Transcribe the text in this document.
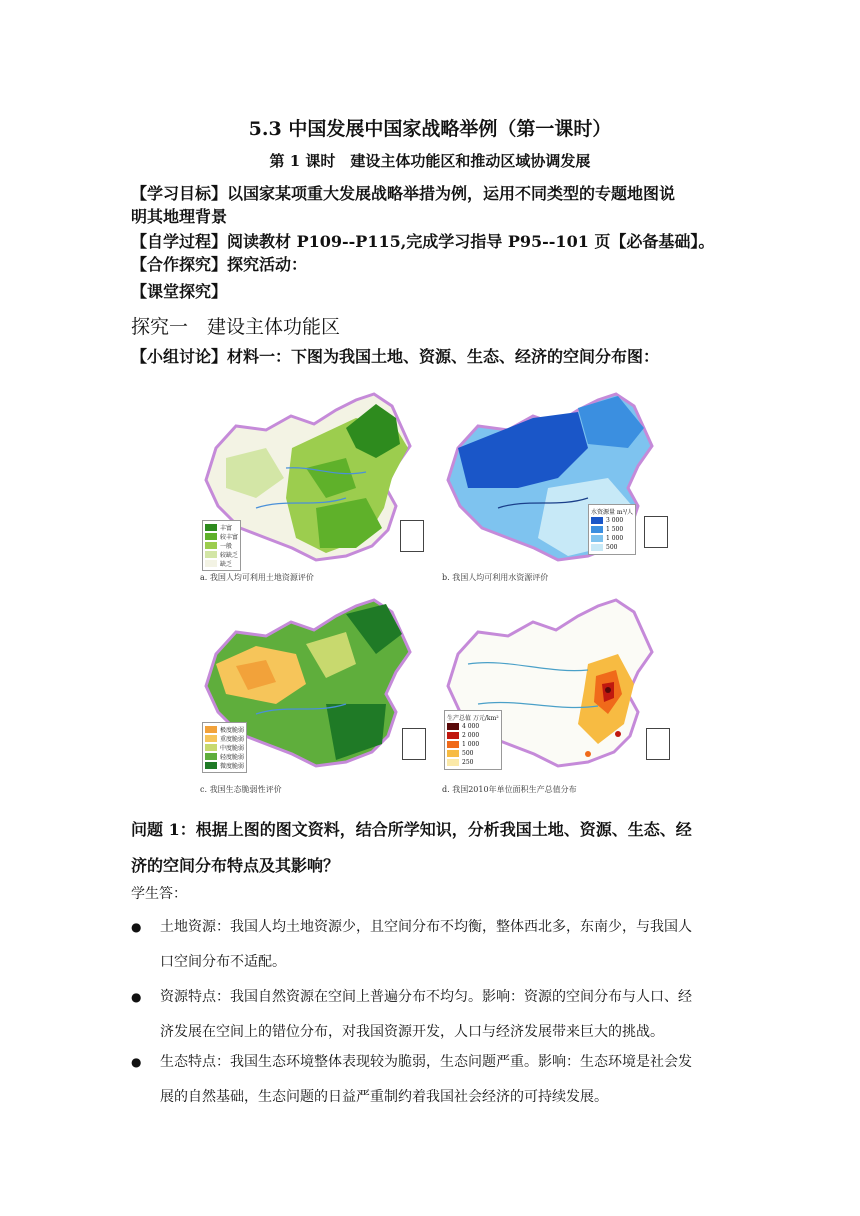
5.3 中国发展中国家战略举例（第一课时）
第 1 课时　建设主体功能区和推动区域协调发展
【学习目标】以国家某项重大发展战略举措为例，运用不同类型的专题地图说
明其地理背景
【自学过程】阅读教材 P109--P115,完成学习指导 P95--101 页【必备基础】。
【合作探究】探究活动：
【课堂探究】
探究一　建设主体功能区
【小组讨论】材料一：下图为我国土地、资源、生态、经济的空间分布图：
丰富
较丰富
一般
较缺乏
缺乏
a. 我国人均可利用土地资源评价
水资源量 m³/人
3 000
1 500
1 000
500
b. 我国人均可利用水资源评价
极度脆弱
重度脆弱
中度脆弱
轻度脆弱
微度脆弱
c. 我国生态脆弱性评价
生产总值 万元/km²
4 000
2 000
1 000
500
250
d. 我国2010年单位面积生产总值分布
问题 1：根据上图的图文资料，结合所学知识，分析我国土地、资源、生态、经
济的空间分布特点及其影响？
学生答：
● 土地资源：我国人均土地资源少，且空间分布不均衡，整体西北多，东南少，与我国人
口空间分布不适配。
● 资源特点：我国自然资源在空间上普遍分布不均匀。影响：资源的空间分布与人口、经
济发展在空间上的错位分布，对我国资源开发，人口与经济发展带来巨大的挑战。
● 生态特点：我国生态环境整体表现较为脆弱，生态问题严重。影响：生态环境是社会发
展的自然基础，生态问题的日益严重制约着我国社会经济的可持续发展。
